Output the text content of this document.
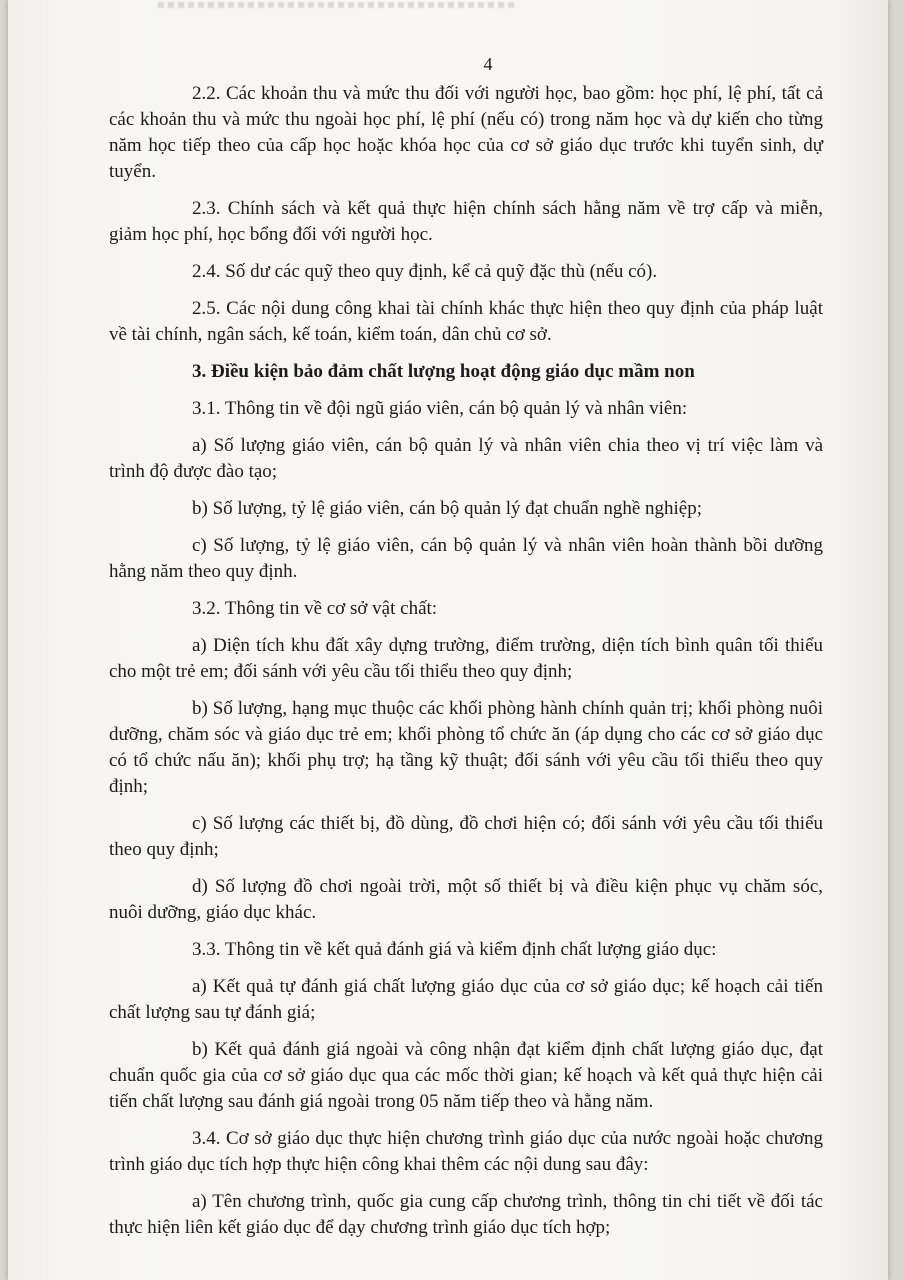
4

2.2. Các khoản thu và mức thu đối với người học, bao gồm: học phí, lệ phí, tất cả các khoản thu và mức thu ngoài học phí, lệ phí (nếu có) trong năm học và dự kiến cho từng năm học tiếp theo của cấp học hoặc khóa học của cơ sở giáo dục trước khi tuyển sinh, dự tuyển.

2.3. Chính sách và kết quả thực hiện chính sách hằng năm về trợ cấp và miễn, giảm học phí, học bổng đối với người học.

2.4. Số dư các quỹ theo quy định, kể cả quỹ đặc thù (nếu có).

2.5. Các nội dung công khai tài chính khác thực hiện theo quy định của pháp luật về tài chính, ngân sách, kế toán, kiểm toán, dân chủ cơ sở.

3. Điều kiện bảo đảm chất lượng hoạt động giáo dục mầm non

3.1. Thông tin về đội ngũ giáo viên, cán bộ quản lý và nhân viên:

a) Số lượng giáo viên, cán bộ quản lý và nhân viên chia theo vị trí việc làm và trình độ được đào tạo;

b) Số lượng, tỷ lệ giáo viên, cán bộ quản lý đạt chuẩn nghề nghiệp;

c) Số lượng, tỷ lệ giáo viên, cán bộ quản lý và nhân viên hoàn thành bồi dưỡng hằng năm theo quy định.

3.2. Thông tin về cơ sở vật chất:

a) Diện tích khu đất xây dựng trường, điểm trường, diện tích bình quân tối thiểu cho một trẻ em; đối sánh với yêu cầu tối thiểu theo quy định;

b) Số lượng, hạng mục thuộc các khối phòng hành chính quản trị; khối phòng nuôi dưỡng, chăm sóc và giáo dục trẻ em; khối phòng tổ chức ăn (áp dụng cho các cơ sở giáo dục có tổ chức nấu ăn); khối phụ trợ; hạ tầng kỹ thuật; đối sánh với yêu cầu tối thiểu theo quy định;

c) Số lượng các thiết bị, đồ dùng, đồ chơi hiện có; đối sánh với yêu cầu tối thiểu theo quy định;

d) Số lượng đồ chơi ngoài trời, một số thiết bị và điều kiện phục vụ chăm sóc, nuôi dưỡng, giáo dục khác.

3.3. Thông tin về kết quả đánh giá và kiểm định chất lượng giáo dục:

a) Kết quả tự đánh giá chất lượng giáo dục của cơ sở giáo dục; kế hoạch cải tiến chất lượng sau tự đánh giá;

b) Kết quả đánh giá ngoài và công nhận đạt kiểm định chất lượng giáo dục, đạt chuẩn quốc gia của cơ sở giáo dục qua các mốc thời gian; kế hoạch và kết quả thực hiện cải tiến chất lượng sau đánh giá ngoài trong 05 năm tiếp theo và hằng năm.

3.4. Cơ sở giáo dục thực hiện chương trình giáo dục của nước ngoài hoặc chương trình giáo dục tích hợp thực hiện công khai thêm các nội dung sau đây:

a) Tên chương trình, quốc gia cung cấp chương trình, thông tin chi tiết về đối tác thực hiện liên kết giáo dục để dạy chương trình giáo dục tích hợp;
